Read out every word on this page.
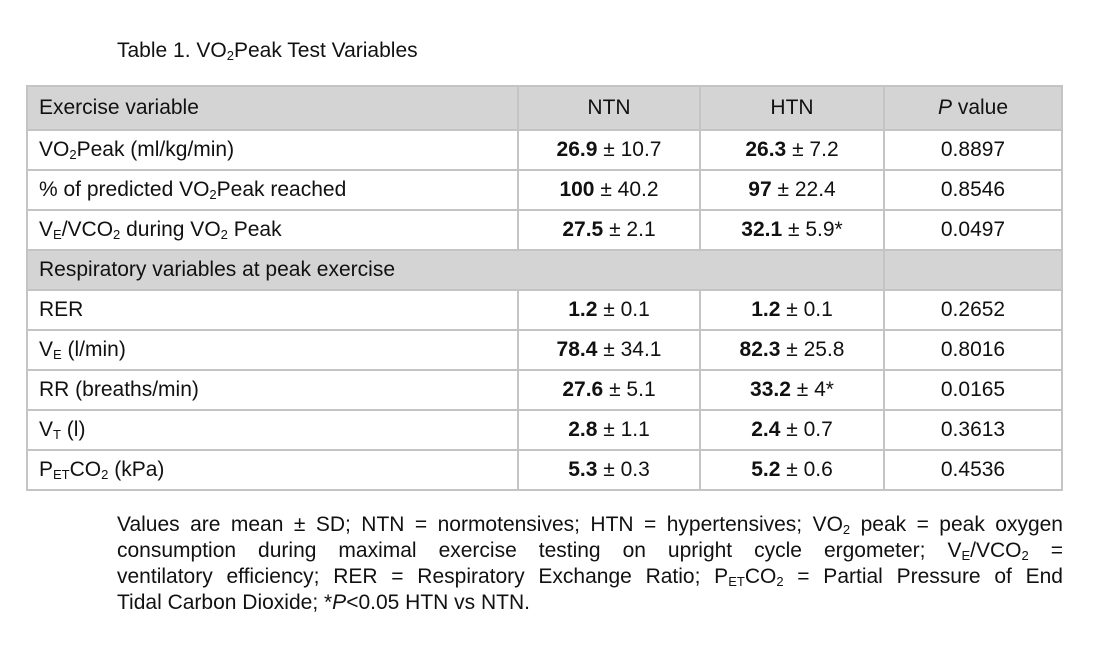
Table 1. $VO_2Peak$ Test Variables
Exercise variable	NTN	HTN	P value
$VO_2Peak$ (ml/kg/min)	26.9 ± 10.7	26.3 ± 7.2	0.8897
% of predicted $VO_2Peak$ reached	100 ± 40.2	97 ± 22.4	0.8546
$V_E/VCO_2$ during $VO_2$ Peak	27.5 ± 2.1	32.1 ± 5.9*	0.0497
Respiratory variables at peak exercise			
RER	1.2 ± 0.1	1.2 ± 0.1	0.2652
$V_E$ (l/min)	78.4 ± 34.1	82.3 ± 25.8	0.8016
RR (breaths/min)	27.6 ± 5.1	33.2 ± 4*	0.0165
$V_T$ (l)	2.8 ± 1.1	2.4 ± 0.7	0.3613
$P_{ET}CO_2$ (kPa)	5.3 ± 0.3	5.2 ± 0.6	0.4536
Values are mean ± SD; NTN = normotensives; HTN = hypertensives; $VO_2$ peak = peak oxygen
consumption during maximal exercise testing on upright cycle ergometer; $V_E/VCO_2$ =
ventilatory efficiency; RER = Respiratory Exchange Ratio; $P_{ET}CO_2$ = Partial Pressure of End
Tidal Carbon Dioxide; *P<0.05 HTN vs NTN.
